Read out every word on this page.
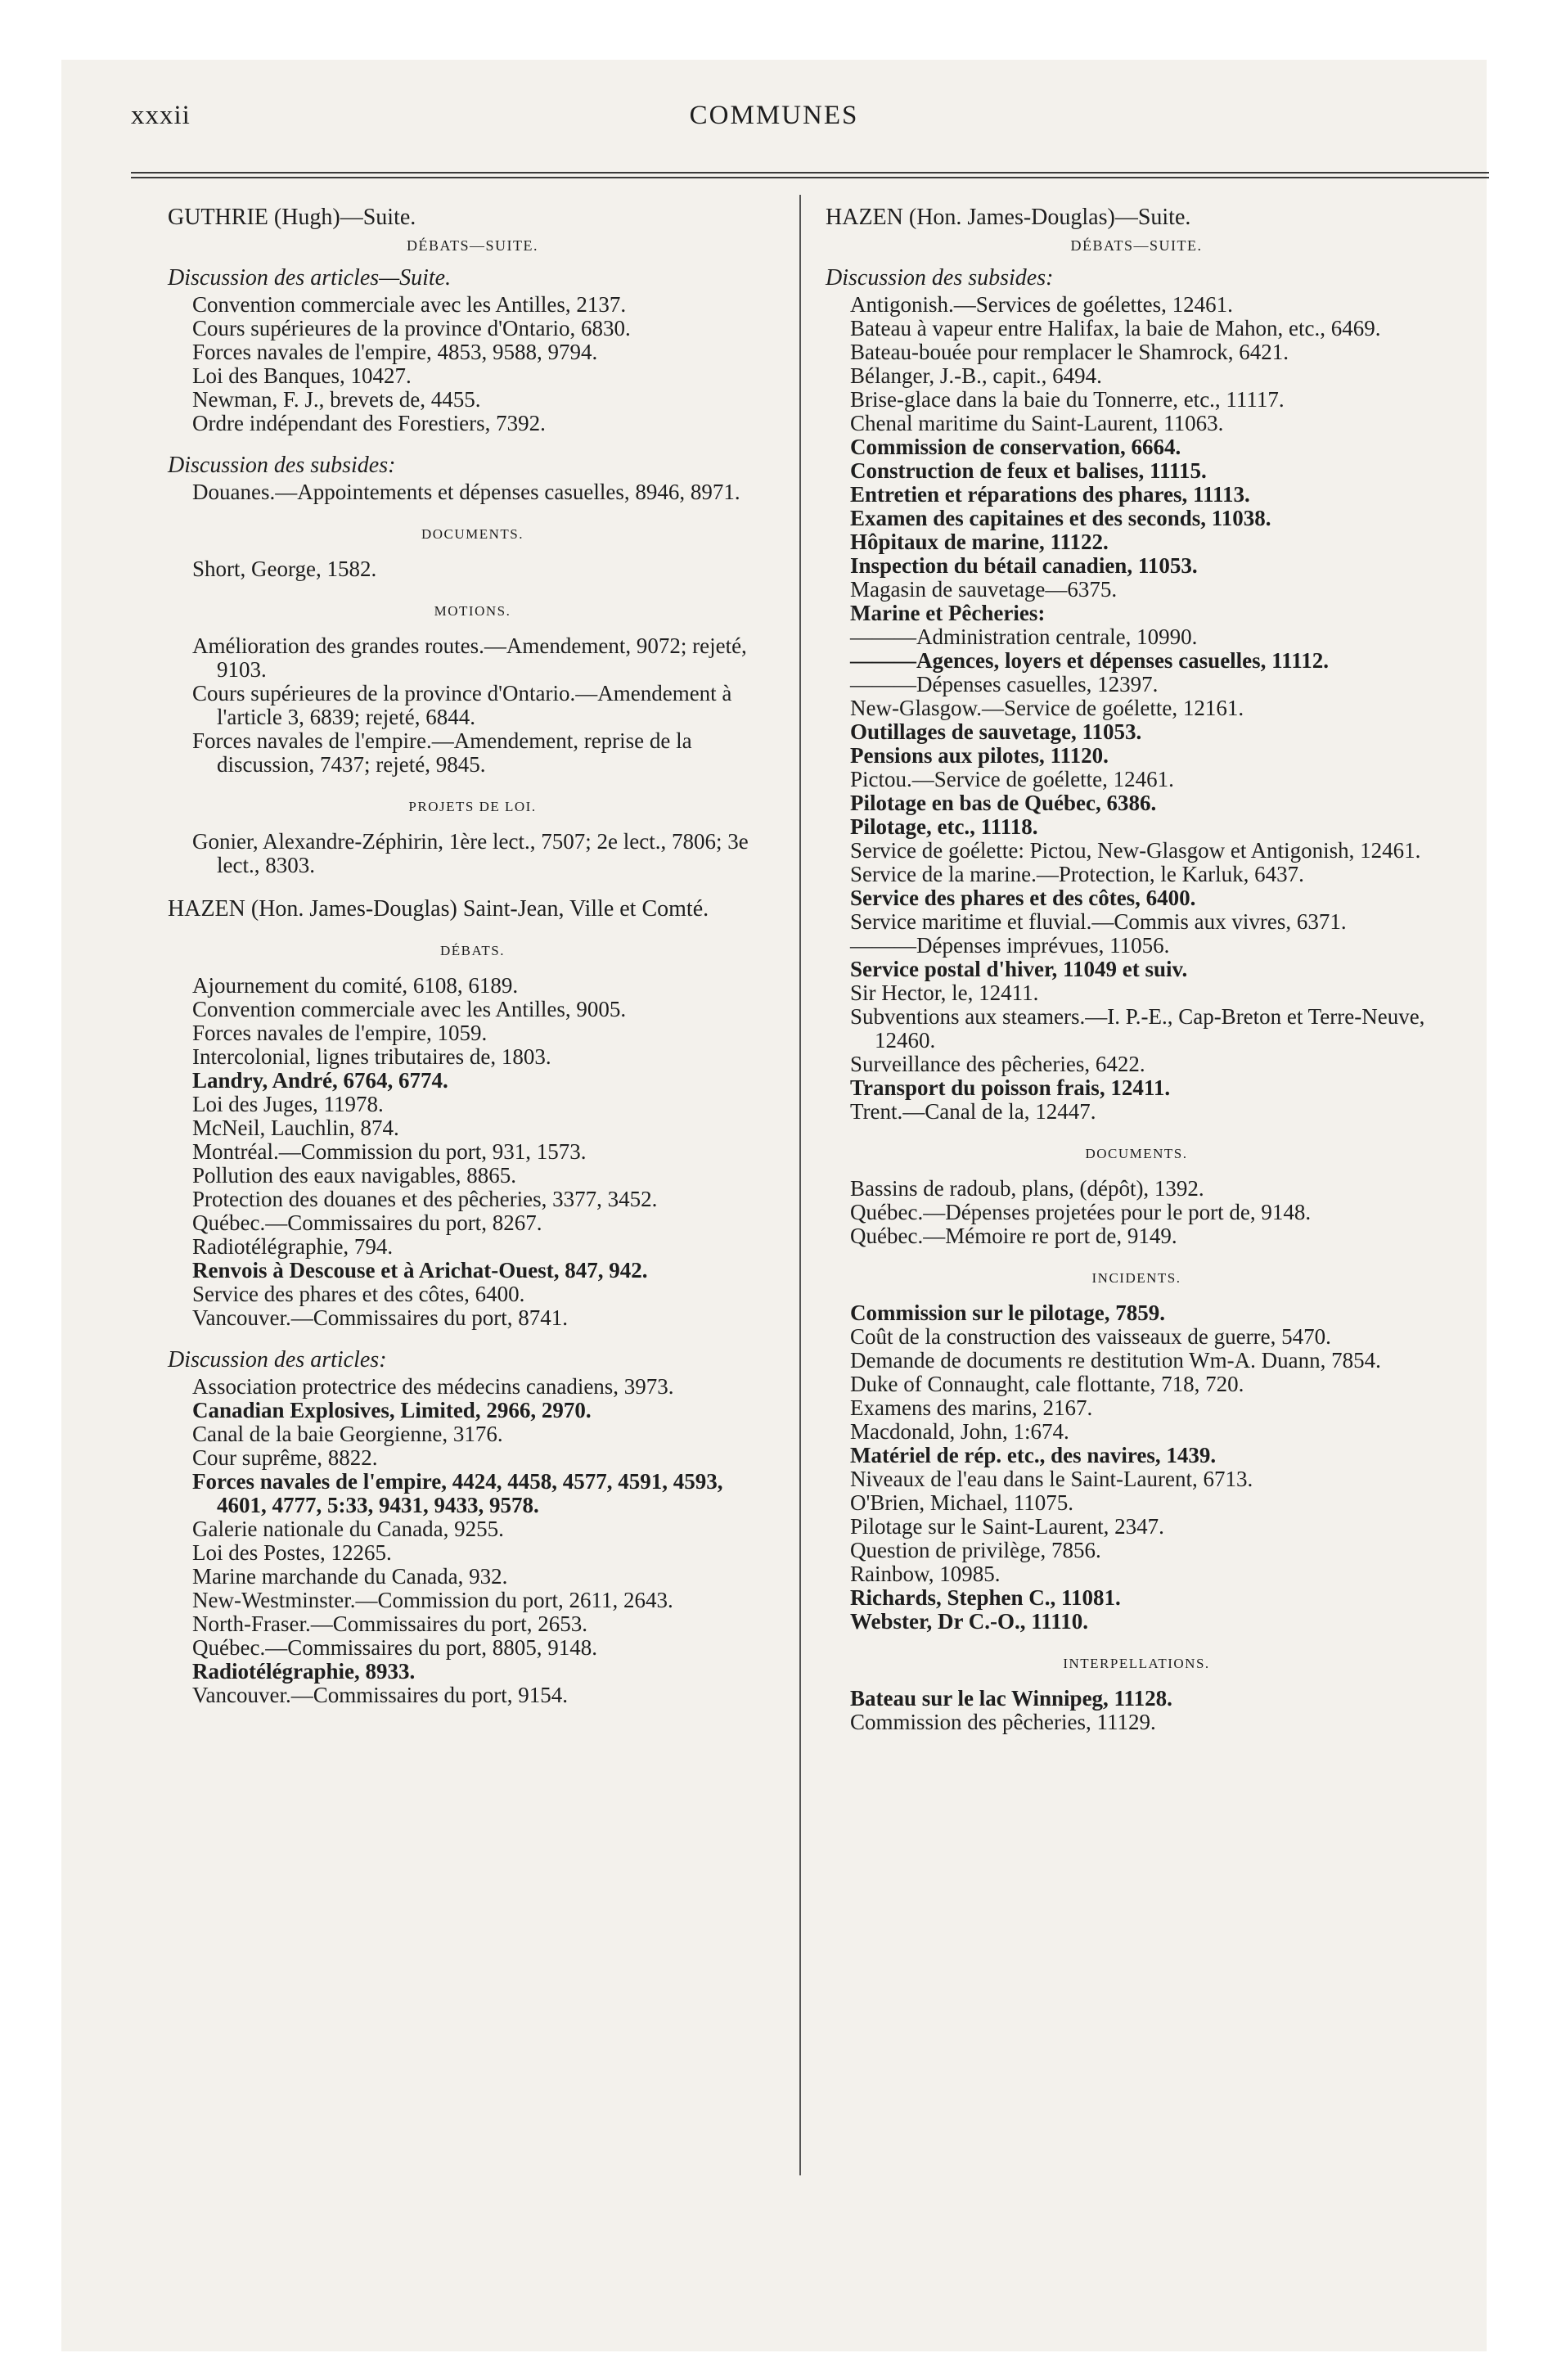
xxxii	COMMUNES
GUTHRIE (Hugh)—Suite.
DÉBATS—SUITE.
Discussion des articles—Suite.
Convention commerciale avec les Antilles, 2137.
Cours supérieures de la province d'Ontario, 6830.
Forces navales de l'empire, 4853, 9588, 9794.
Loi des Banques, 10427.
Newman, F. J., brevets de, 4455.
Ordre indépendant des Forestiers, 7392.
Discussion des subsides:
Douanes.—Appointements et dépenses casuelles, 8946, 8971.
DOCUMENTS.
Short, George, 1582.
MOTIONS.
Amélioration des grandes routes.—Amendement, 9072; rejeté, 9103.
Cours supérieures de la province d'Ontario.—Amendement à l'article 3, 6839; rejeté, 6844.
Forces navales de l'empire.—Amendement, reprise de la discussion, 7437; rejeté, 9845.
PROJETS DE LOI.
Gonier, Alexandre-Zéphirin, 1ère lect., 7507; 2e lect., 7806; 3e lect., 8303.
HAZEN (Hon. James-Douglas) Saint-Jean, Ville et Comté.
DÉBATS.
Ajournement du comité, 6108, 6189.
Convention commerciale avec les Antilles, 9005.
Forces navales de l'empire, 1059.
Intercolonial, lignes tributaires de, 1803.
Landry, André, 6764, 6774.
Loi des Juges, 11978.
McNeil, Lauchlin, 874.
Montréal.—Commission du port, 931, 1573.
Pollution des eaux navigables, 8865.
Protection des douanes et des pêcheries, 3377, 3452.
Québec.—Commissaires du port, 8267.
Radiotélégraphie, 794.
Renvois à Descouse et à Arichat-Ouest, 847, 942.
Service des phares et des côtes, 6400.
Vancouver.—Commissaires du port, 8741.
Discussion des articles:
Association protectrice des médecins canadiens, 3973.
Canadian Explosives, Limited, 2966, 2970.
Canal de la baie Georgienne, 3176.
Cour suprême, 8822.
Forces navales de l'empire, 4424, 4458, 4577, 4591, 4593, 4601, 4777, 5:33, 9431, 9433, 9578.
Galerie nationale du Canada, 9255.
Loi des Postes, 12265.
Marine marchande du Canada, 932.
New-Westminster.—Commission du port, 2611, 2643.
North-Fraser.—Commissaires du port, 2653.
Québec.—Commissaires du port, 8805, 9148.
Radiotélégraphie, 8933.
Vancouver.—Commissaires du port, 9154.
HAZEN (Hon. James-Douglas)—Suite.
DÉBATS—SUITE.
Discussion des subsides:
Antigonish.—Services de goélettes, 12461.
Bateau à vapeur entre Halifax, la baie de Mahon, etc., 6469.
Bateau-bouée pour remplacer le Shamrock, 6421.
Bélanger, J.-B., capit., 6494.
Brise-glace dans la baie du Tonnerre, etc., 11117.
Chenal maritime du Saint-Laurent, 11063.
Commission de conservation, 6664.
Construction de feux et balises, 11115.
Entretien et réparations des phares, 11113.
Examen des capitaines et des seconds, 11038.
Hôpitaux de marine, 11122.
Inspection du bétail canadien, 11053.
Magasin de sauvetage—6375.
Marine et Pêcheries:
———Administration centrale, 10990.
———Agences, loyers et dépenses casuelles, 11112.
———Dépenses casuelles, 12397.
New-Glasgow.—Service de goélette, 12161.
Outillages de sauvetage, 11053.
Pensions aux pilotes, 11120.
Pictou.—Service de goélette, 12461.
Pilotage en bas de Québec, 6386.
Pilotage, etc., 11118.
Service de goélette: Pictou, New-Glasgow et Antigonish, 12461.
Service de la marine.—Protection, le Karluk, 6437.
Service des phares et des côtes, 6400.
Service maritime et fluvial.—Commis aux vivres, 6371.
———Dépenses imprévues, 11056.
Service postal d'hiver, 11049 et suiv.
Sir Hector, le, 12411.
Subventions aux steamers.—I. P.-E., Cap-Breton et Terre-Neuve, 12460.
Surveillance des pêcheries, 6422.
Transport du poisson frais, 12411.
Trent.—Canal de la, 12447.
DOCUMENTS.
Bassins de radoub, plans, (dépôt), 1392.
Québec.—Dépenses projetées pour le port de, 9148.
Québec.—Mémoire re port de, 9149.
INCIDENTS.
Commission sur le pilotage, 7859.
Coût de la construction des vaisseaux de guerre, 5470.
Demande de documents re destitution Wm-A. Duann, 7854.
Duke of Connaught, cale flottante, 718, 720.
Examens des marins, 2167.
Macdonald, John, 1:674.
Matériel de rép. etc., des navires, 1439.
Niveaux de l'eau dans le Saint-Laurent, 6713.
O'Brien, Michael, 11075.
Pilotage sur le Saint-Laurent, 2347.
Question de privilège, 7856.
Rainbow, 10985.
Richards, Stephen C., 11081.
Webster, Dr C.-O., 11110.
INTERPELLATIONS.
Bateau sur le lac Winnipeg, 11128.
Commission des pêcheries, 11129.
